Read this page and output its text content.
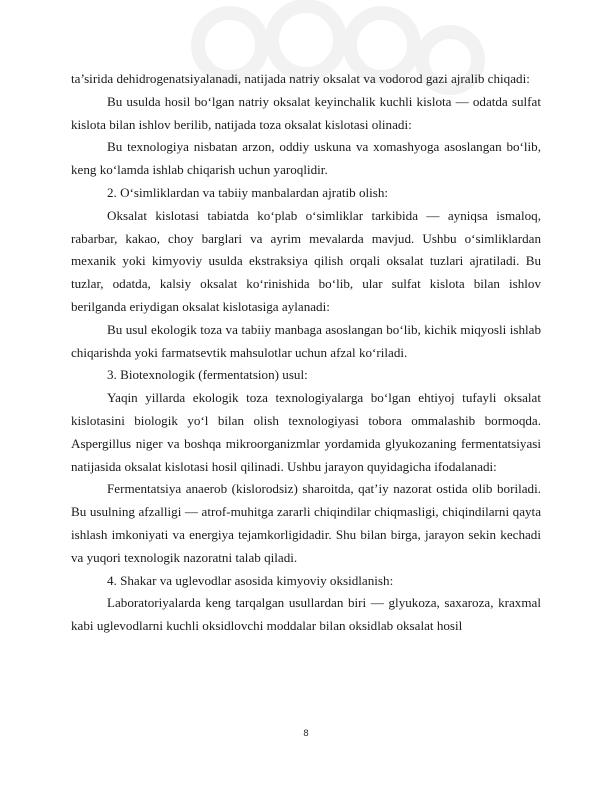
ta’sirida dehidrogenatsiyalanadi, natijada natriy oksalat va vodorod gazi ajralib chiqadi:

Bu usulda hosil bo‘lgan natriy oksalat keyinchalik kuchli kislota — odatda sulfat kislota bilan ishlov berilib, natijada toza oksalat kislotasi olinadi:

Bu texnologiya nisbatan arzon, oddiy uskuna va xomashyoga asoslangan bo‘lib, keng ko‘lamda ishlab chiqarish uchun yaroqlidir.

2. O‘simliklardan va tabiiy manbalardan ajratib olish:

Oksalat kislotasi tabiatda ko‘plab o‘simliklar tarkibida — ayniqsa ismaloq, rabarbar, kakao, choy barglari va ayrim mevalarda mavjud. Ushbu o‘simliklardan mexanik yoki kimyoviy usulda ekstraksiya qilish orqali oksalat tuzlari ajratiladi. Bu tuzlar, odatda, kalsiy oksalat ko‘rinishida bo‘lib, ular sulfat kislota bilan ishlov berilganda eriydigan oksalat kislotasiga aylanadi:

Bu usul ekologik toza va tabiiy manbaga asoslangan bo‘lib, kichik miqyosli ishlab chiqarishda yoki farmatsevtik mahsulotlar uchun afzal ko‘riladi.

3. Biotexnologik (fermentatsion) usul:

Yaqin yillarda ekologik toza texnologiyalarga bo‘lgan ehtiyoj tufayli oksalat kislotasini biologik yo‘l bilan olish texnologiyasi tobora ommalashib bormoqda. Aspergillus niger va boshqa mikroorganizmlar yordamida glyukozaning fermentatsiyasi natijasida oksalat kislotasi hosil qilinadi. Ushbu jarayon quyidagicha ifodalanadi:

Fermentatsiya anaerob (kislorodsiz) sharoitda, qat’iy nazorat ostida olib boriladi. Bu usulning afzalligi — atrof-muhitga zararli chiqindilar chiqmasligi, chiqindilarni qayta ishlash imkoniyati va energiya tejamkorligidadir. Shu bilan birga, jarayon sekin kechadi va yuqori texnologik nazoratni talab qiladi.

4. Shakar va uglevodlar asosida kimyoviy oksidlanish:

Laboratoriyalarda keng tarqalgan usullardan biri — glyukoza, saxaroza, kraxmal kabi uglevodlarni kuchli oksidlovchi moddalar bilan oksidlab oksalat hosil

8
